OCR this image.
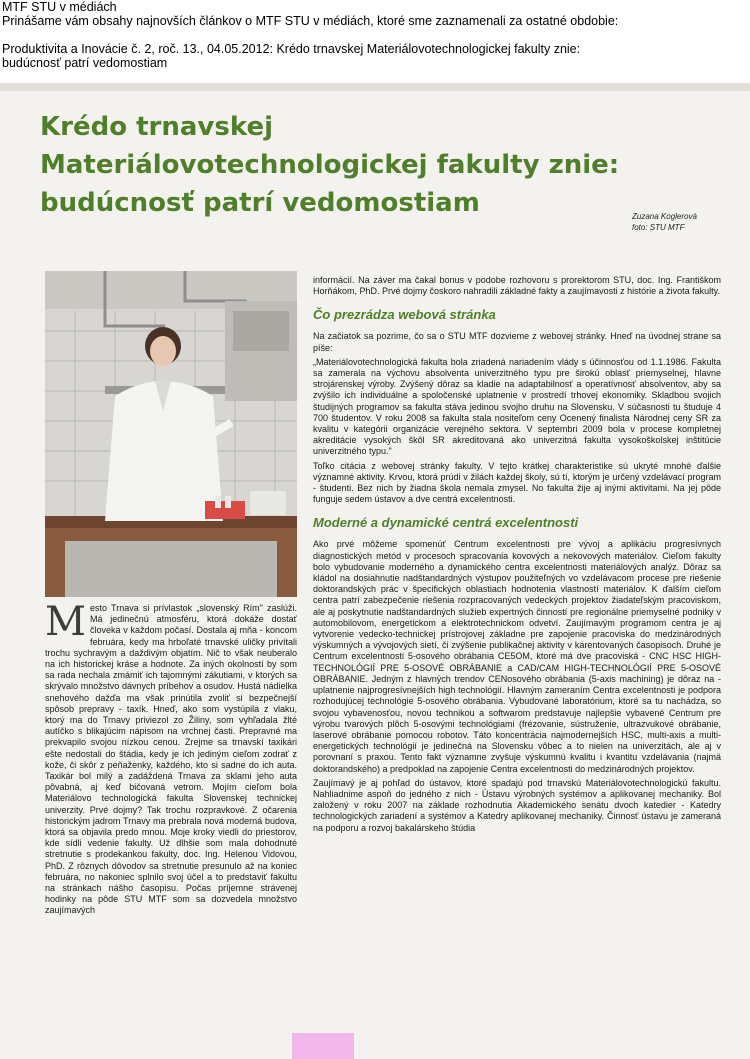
MTF STU v médiách

Prinášame vám obsahy najnovších článkov o MTF STU v médiách, ktoré sme zaznamenali za ostatné obdobie:

Produktivita a Inovácie č. 2, roč. 13., 04.05.2012: Krédo trnavskej Materiálovotechnologickej fakulty znie:

budúcnosť patrí vedomostiam

Krédo trnavskej
Materiálovotechnologickej fakulty znie:
budúcnosť patrí vedomostiam	Zuzana Koglerová
foto: STU MTF
M esto Trnava si prívlastok „slovenský Rím" zaslúži. Má jedinečnú atmosféru, ktorá dokáže dostať človeka v každom počasí. Dostala aj mňa - koncom februára, kedy ma hrboľaté trnavské uličky privítali trochu sychravým a daždivým objatím. Nič to však neuberalo na ich historickej kráse a hodnote. Za iných okolností by som sa rada nechala zmámiť ich tajomnými zákutiami, v ktorých sa skrývalo množstvo dávnych príbehov a osudov. Hustá nádielka snehového dažďa ma však prinútila zvoliť si bezpečnejší spôsob prepravy - taxík. Hneď, ako som vystúpila z vlaku, ktorý ma do Trnavy priviezol zo Žiliny, som vyhľadala žlté autíčko s blikajúcim nápisom na vrchnej časti. Prepravné ma prekvapilo svojou nízkou cenou. Zrejme sa trnavskí taxikári ešte nedostali do štádia, kedy je ich jediným cieľom zodrať z kože, či skôr z peňaženky, každého, kto si sadne do ich auta. Taxikár bol milý a zadáždená Trnava za sklami jeho auta pôvabná, aj keď bičovaná vetrom. Mojím cieľom bola Materiálovo technologická fakulta Slovenskej technickej univerzity. Prvé dojmy? Tak trochu rozpravkové. Z očarenia historickým jadrom Trnavy ma prebrala nová moderná budova, ktorá sa objavila predo mnou. Moje kroky viedli do priestorov, kde sídli vedenie fakulty. Už dlhšie som mala dohodnuté stretnutie s prodekankou fakulty, doc. Ing. Helenou Vidovou, PhD. Z rôznych dôvodov sa stretnutie presunulo až na koniec februára, no nakoniec splnilo svoj účel a to predstaviť fakultu na stránkach nášho časopisu. Počas príjemne strávenej hodinky na pôde STU MTF som sa dozvedela množstvo zaujímavých

informácií. Na záver ma čakal bonus v podobe rozhovoru s prorektorom STU, doc. Ing. Františkom Horňákom, PhD. Prvé dojmy čoskoro nahradili základné fakty a zaujímavosti z histórie a života fakulty.

Čo prezrádza webová stránka

Na začiatok sa pozrime, čo sa o STU MTF dozvieme z webovej stránky. Hneď na úvodnej strane sa píše:

„Materiálovotechnologická fakulta bola zriadená nariadením vlády s účinnosťou od 1.1.1986. Fakulta sa zamerala na výchovu absolventa univerzitného typu pre širokú oblasť priemyselnej, hlavne strojárenskej výroby. Zvýšený dôraz sa kladie na adaptabilnosť a operatívnosť absolventov, aby sa zvýšilo ich individuálne a spoločenské uplatnenie v prostredí trhovej ekonomiky. Skladbou svojich študijných programov sa fakulta stáva jedinou svojho druhu na Slovensku. V súčasnosti tu študuje 4 700 študentov. V roku 2008 sa fakulta stala nositeľom ceny Ocenený finalista Národnej ceny SR za kvalitu v kategórii organizácie verejného sektora. V septembri 2009 bola v procese kompletnej akreditácie vysokých škôl SR akreditovaná ako univerzitná fakulta vysokoškolskej inštitúcie univerzitného typu."

Toľko citácia z webovej stránky fakulty. V tejto krátkej charakteristike sú ukryté mnohé ďalšie významné aktivity. Krvou, ktorá prúdi v žilách každej školy, sú tí, ktorým je určený vzdelávací program - študenti. Bez nich by žiadna škola nemala zmysel. No fakulta žije aj inými aktivitami. Na jej pôde funguje sedem ústavov a dve centrá excelentnosti.

Moderné a dynamické centrá excelentnosti

Ako prvé môžeme spomenúť Centrum excelentnosti pre vývoj a aplikáciu progresívnych diagnostických metód v procesoch spracovania kovových a nekovových materiálov. Cieľom fakulty bolo vybudovanie moderného a dynamického centra excelentnosti materiálových analýz. Dôraz sa kládol na dosiahnutie nadštandardných výstupov použiteľných vo vzdelávacom procese pre riešenie doktorandských prác v špecifických oblastiach hodnotenia vlastností materiálov. K ďalším cieľom centra patrí zabezpečenie riešenia rozpracovaných vedeckých projektov žiadateľským pracoviskom, ale aj poskytnutie nadštandardných služieb expertných činností pre regionálne priemyselné podniky v automobilovom, energetickom a elektrotechnickom odvetví. Zaujímavým programom centra je aj vytvorenie vedecko-technickej prístrojovej základne pre zapojenie pracoviska do medzinárodných výskumných a vývojových sietí, či zvýšenie publikačnej aktivity v karentovaných časopisoch. Druhé je Centrum excelentnosti 5-osového obrábania CE5OM, ktoré má dve pracoviská - CNC HSC HIGH-TECHNOLÓGIÍ PRE 5-OSOVÉ OBRÁBANIE a CAD/CAM HIGH-TECHNOLÓGIÍ PRE 5-OSOVÉ OBRÁBANIE. Jedným z hlavných trendov CENosového obrábania (5-axis machining) je dôraz na - uplatnenie najprogresívnejších high technológií. Hlavným zameraním Centra excelentnosti je podpora rozhodujúcej technológie 5-osového obrábania. Vybudované laboratórium, ktoré sa tu nachádza, so svojou vybavenosťou, novou technikou a softwarom predstavuje najlepšie vybavené Centrum pre výrobu tvarových plôch 5-osovými technológiami (frézovanie, sústruženie, ultrazvukové obrábanie, laserové obrábanie pomocou robotov. Táto koncentrácia najmodernejších HSC, multi-axis a multi-energetických technológií je jedinečná na Slovensku vôbec a to nielen na univerzitách, ale aj v porovnaní s praxou. Tento fakt významne zvyšuje výskumnú kvalitu i kvantitu vzdelávania (najmä doktorandského) a predpoklad na zapojenie Centra excelentnosti do medzinárodných projektov.

Zaujímavý je aj pohľad do ústavov, ktoré spadajú pod trnavskú Materiálovotechnologickú fakultu. Nahliadnime aspoň do jedného z nich - Ústavu výrobných systémov a aplikovanej mechaniky. Bol založený v roku 2007 na základe rozhodnutia Akademického senátu dvoch katedier - Katedry technologických zariadení a systémov a Katedry aplikovanej mechaniky. Činnosť ústavu je zameraná na podporu a rozvoj bakalárskeho štúdia
